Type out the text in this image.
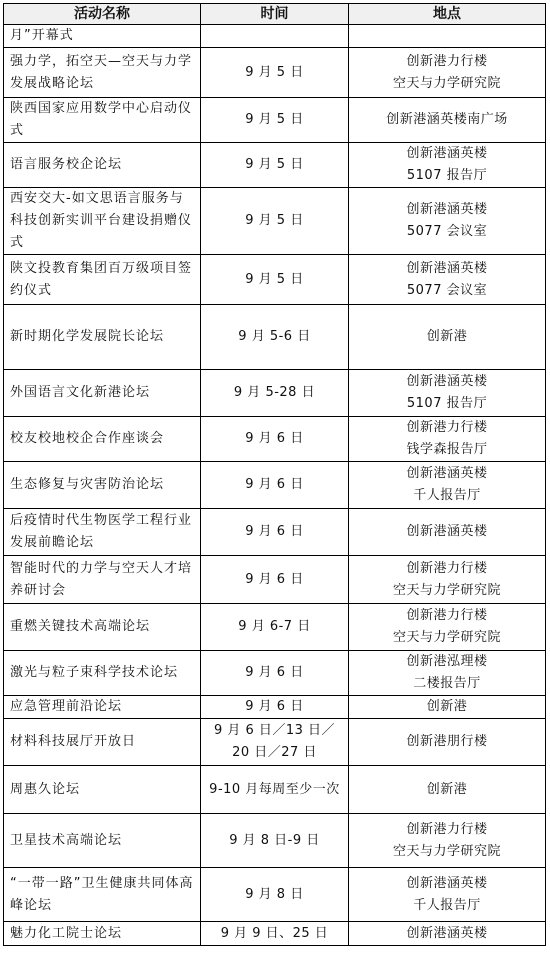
活动名称	时间	地点
月”开幕式		
强力学，拓空天—空天与力学发展战略论坛	9 月 5 日	创新港力行楼
空天与力学研究院
陕西国家应用数学中心启动仪式	9 月 5 日	创新港涵英楼南广场
语言服务校企论坛	9 月 5 日	创新港涵英楼
5107 报告厅
西安交大-如文思语言服务与科技创新实训平台建设捐赠仪式	9 月 5 日	创新港涵英楼
5077 会议室
陕文投教育集团百万级项目签约仪式	9 月 5 日	创新港涵英楼
5077 会议室
新时期化学发展院长论坛	9 月 5-6 日	创新港
外国语言文化新港论坛	9 月 5-28 日	创新港涵英楼
5107 报告厅
校友校地校企合作座谈会	9 月 6 日	创新港力行楼
钱学森报告厅
生态修复与灾害防治论坛	9 月 6 日	创新港涵英楼
千人报告厅
后疫情时代生物医学工程行业发展前瞻论坛	9 月 6 日	创新港涵英楼
智能时代的力学与空天人才培养研讨会	9 月 6 日	创新港力行楼
空天与力学研究院
重燃关键技术高端论坛	9 月 6-7 日	创新港力行楼
空天与力学研究院
激光与粒子束科学技术论坛	9 月 6 日	创新港泓理楼
二楼报告厅
应急管理前沿论坛	9 月 6 日	创新港
材料科技展厅开放日	9 月 6 日／13 日／20 日／27 日	创新港朋行楼
周惠久论坛	9-10 月每周至少一次	创新港
卫星技术高端论坛	9 月 8 日-9 日	创新港力行楼
空天与力学研究院
“一带一路”卫生健康共同体高峰论坛	9 月 8 日	创新港涵英楼
千人报告厅
魅力化工院士论坛	9 月 9 日、25 日	创新港涵英楼
